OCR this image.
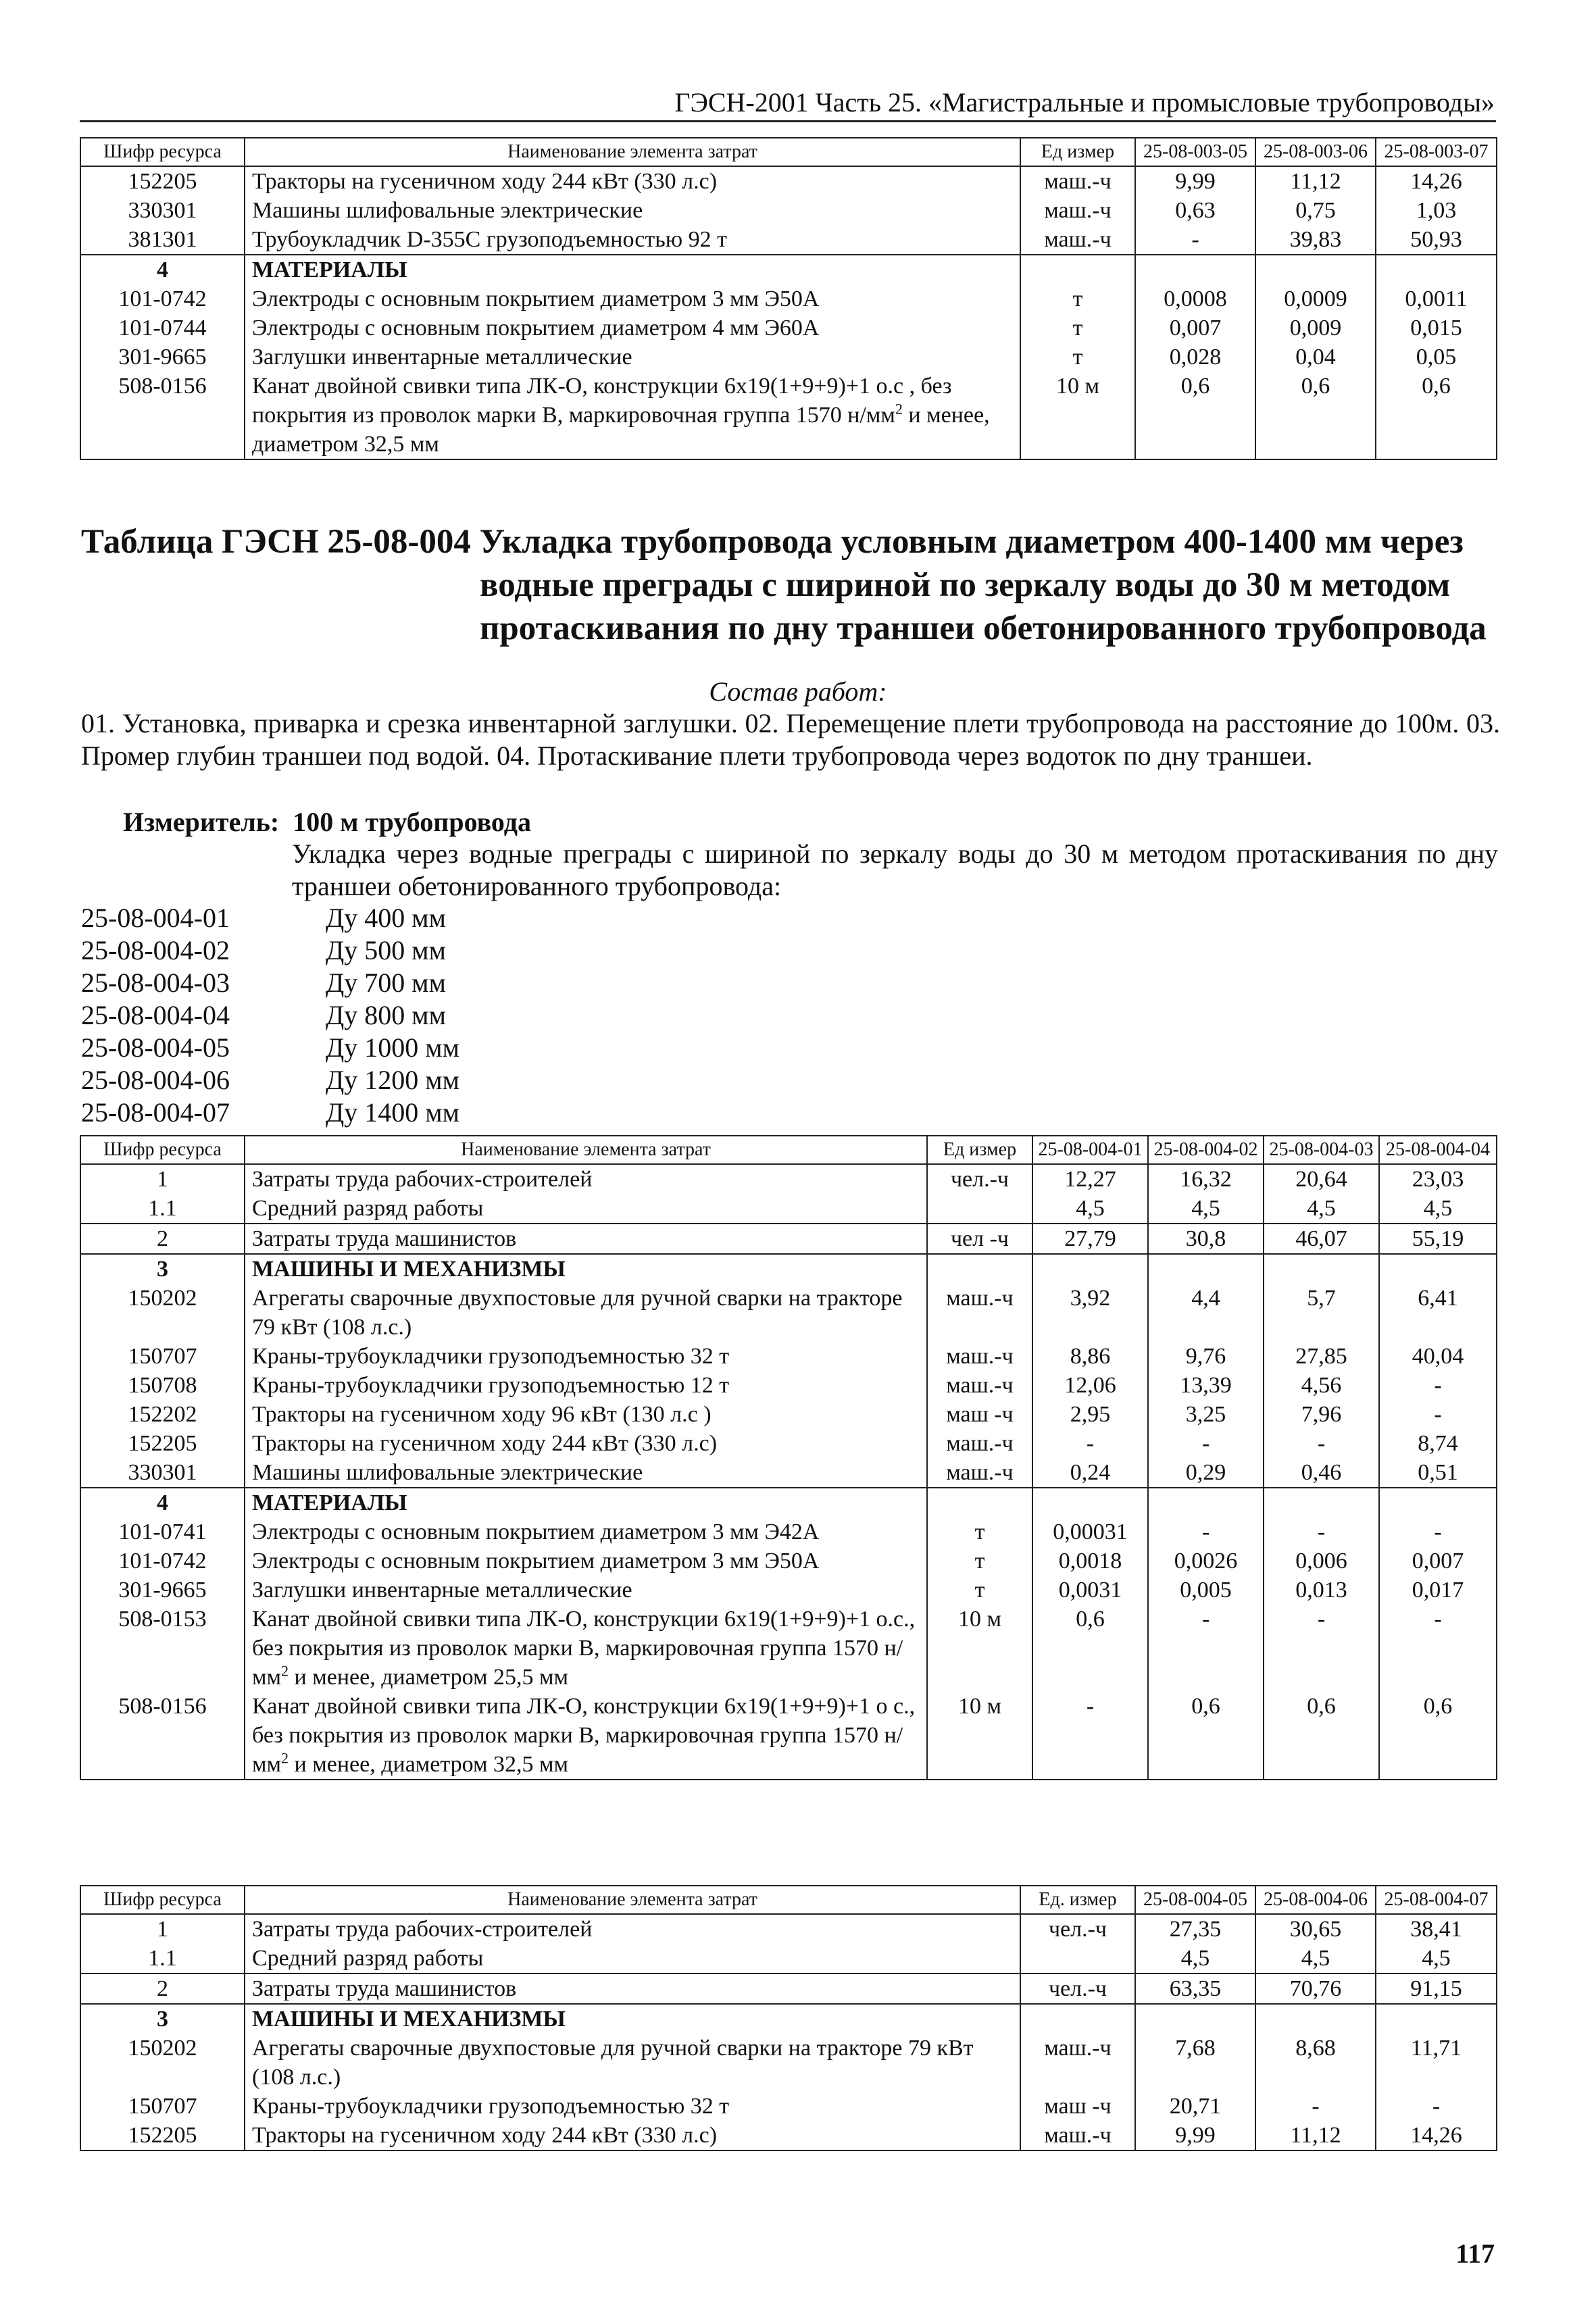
ГЭСН-2001 Часть 25. «Магистральные и промысловые трубопроводы»
Шифр ресурса	Наименование элемента затрат	Ед измер	25-08-003-05	25-08-003-06	25-08-003-07
152205	Тракторы на гусеничном ходу 244 кВт (330 л.с)	маш.-ч	9,99	11,12	14,26
330301	Машины шлифовальные электрические	маш.-ч	0,63	0,75	1,03
381301	Трубоукладчик D-355С грузоподъемностью 92 т	маш.-ч	-	39,83	50,93
4	МАТЕРИАЛЫ				
101-0742	Электроды с основным покрытием диаметром 3 мм Э50А	т	0,0008	0,0009	0,0011
101-0744	Электроды с основным покрытием диаметром 4 мм Э60А	т	0,007	0,009	0,015
301-9665	Заглушки инвентарные металлические	т	0,028	0,04	0,05
508-0156	Канат двойной свивки типа ЛК-О, конструкции 6х19(1+9+9)+1 о.с , без покрытия из проволок марки В, маркировочная группа 1570 $н/мм^2$ и менее, диаметром 32,5 мм	10 м	0,6	0,6	0,6
Таблица ГЭСН 25-08-004 Укладка трубопровода условным диаметром 400-1400 мм через
водные преграды с шириной по зеркалу воды до 30 м методом
протаскивания по дну траншеи обетонированного трубопровода
Состав работ:
01. Установка, приварка и срезка инвентарной заглушки. 02. Перемещение плети трубопровода на расстояние до 100м. 03. Промер глубин траншеи под водой. 04. Протаскивание плети трубопровода через водоток по дну траншеи.
Измеритель: 100 м трубопровода
Укладка через водные преграды с шириной по зеркалу воды до 30 м методом протаскивания по дну траншеи обетонированного трубопровода:
25-08-004-01	Ду 400 мм
25-08-004-02	Ду 500 мм
25-08-004-03	Ду 700 мм
25-08-004-04	Ду 800 мм
25-08-004-05	Ду 1000 мм
25-08-004-06	Ду 1200 мм
25-08-004-07	Ду 1400 мм
Шифр ресурса	Наименование элемента затрат	Ед измер	25-08-004-01	25-08-004-02	25-08-004-03	25-08-004-04
1	Затраты труда рабочих-строителей	чел.-ч	12,27	16,32	20,64	23,03
1.1	Средний разряд работы		4,5	4,5	4,5	4,5
2	Затраты труда машинистов	чел -ч	27,79	30,8	46,07	55,19
3	МАШИНЫ И МЕХАНИЗМЫ					
150202	Агрегаты сварочные двухпостовые для ручной сварки на тракторе 79 кВт (108 л.с.)	маш.-ч	3,92	4,4	5,7	6,41
150707	Краны-трубоукладчики грузоподъемностью 32 т	маш.-ч	8,86	9,76	27,85	40,04
150708	Краны-трубоукладчики грузоподъемностью 12 т	маш.-ч	12,06	13,39	4,56	-
152202	Тракторы на гусеничном ходу 96 кВт (130 л.с )	маш -ч	2,95	3,25	7,96	-
152205	Тракторы на гусеничном ходу 244 кВт (330 л.с)	маш.-ч	-	-	-	8,74
330301	Машины шлифовальные электрические	маш.-ч	0,24	0,29	0,46	0,51
4	МАТЕРИАЛЫ					
101-0741	Электроды с основным покрытием диаметром 3 мм Э42А	т	0,00031	-	-	-
101-0742	Электроды с основным покрытием диаметром 3 мм Э50А	т	0,0018	0,0026	0,006	0,007
301-9665	Заглушки инвентарные металлические	т	0,0031	0,005	0,013	0,017
508-0153	Канат двойной свивки типа ЛК-О, конструкции 6х19(1+9+9)+1 о.с., без покрытия из проволок марки В, маркировочная группа 1570 $н/мм^2$ и менее, диаметром 25,5 мм	10 м	0,6	-	-	-
508-0156	Канат двойной свивки типа ЛК-О, конструкции 6х19(1+9+9)+1 о с., без покрытия из проволок марки В, маркировочная группа 1570 $н/мм^2$ и менее, диаметром 32,5 мм	10 м	-	0,6	0,6	0,6
Шифр ресурса	Наименование элемента затрат	Ед. измер	25-08-004-05	25-08-004-06	25-08-004-07
1	Затраты труда рабочих-строителей	чел.-ч	27,35	30,65	38,41
1.1	Средний разряд работы		4,5	4,5	4,5
2	Затраты труда машинистов	чел.-ч	63,35	70,76	91,15
3	МАШИНЫ И МЕХАНИЗМЫ				
150202	Агрегаты сварочные двухпостовые для ручной сварки на тракторе 79 кВт (108 л.с.)	маш.-ч	7,68	8,68	11,71
150707	Краны-трубоукладчики грузоподъемностью 32 т	маш -ч	20,71	-	-
152205	Тракторы на гусеничном ходу 244 кВт (330 л.с)	маш.-ч	9,99	11,12	14,26
117
